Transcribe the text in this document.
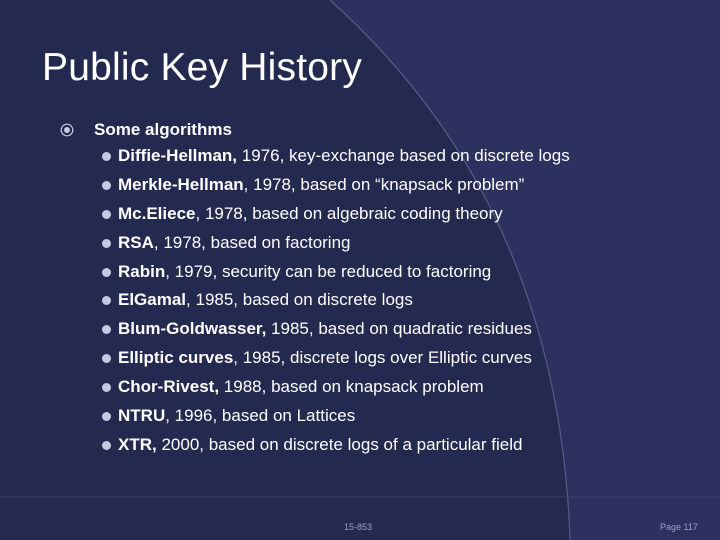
Public Key History
Some algorithms
Diffie-Hellman, 1976, key-exchange based on discrete logs
Merkle-Hellman, 1978, based on “knapsack problem”
Mc.Eliece, 1978, based on algebraic coding theory
RSA, 1978, based on factoring
Rabin, 1979, security can be reduced to factoring
ElGamal, 1985, based on discrete logs
Blum-Goldwasser, 1985, based on quadratic residues
Elliptic curves, 1985, discrete logs over Elliptic curves
Chor-Rivest, 1988, based on knapsack problem
NTRU, 1996, based on Lattices
XTR, 2000, based on discrete logs of a particular field
15-853	Page 117
